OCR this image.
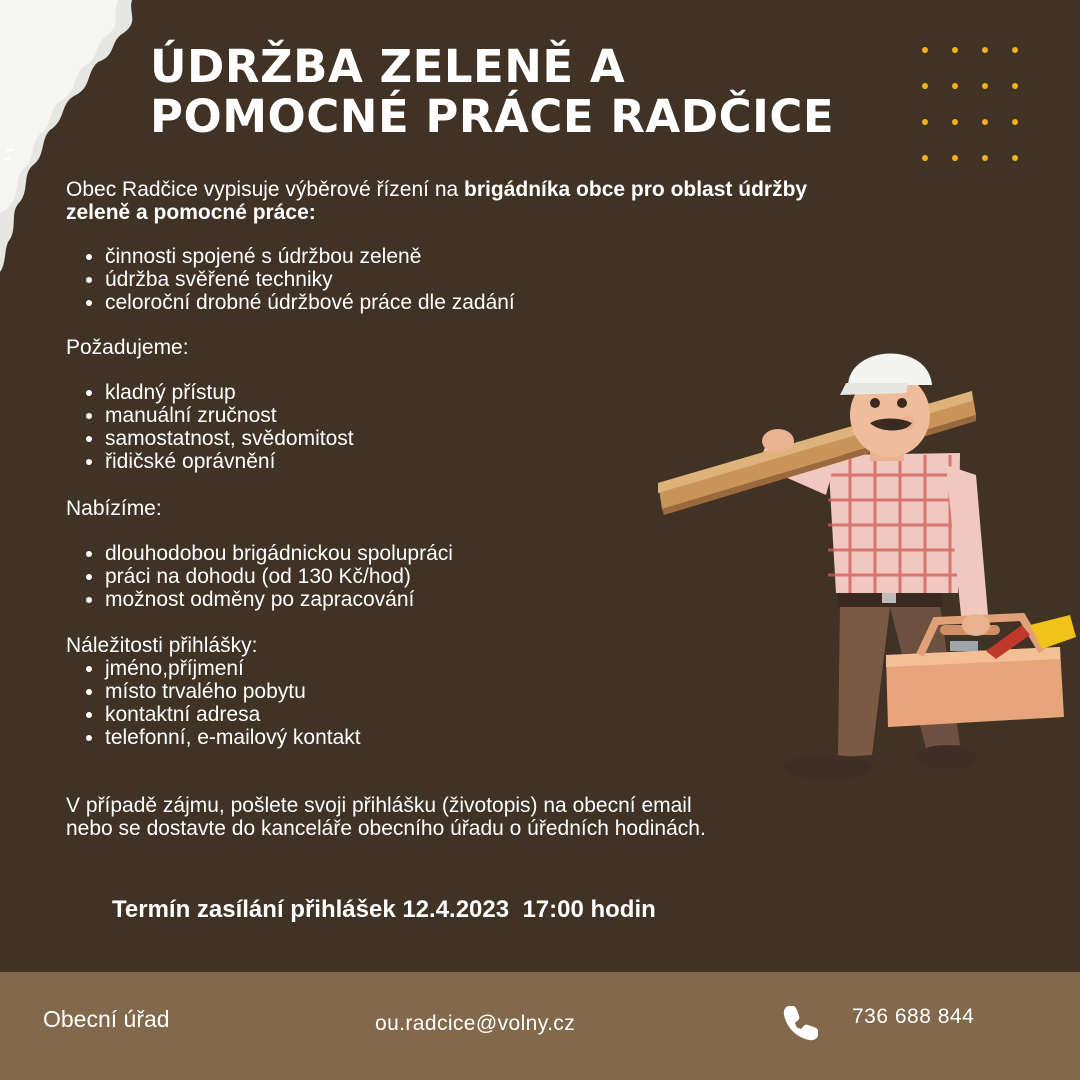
ÚDRŽBA ZELENĚ A
POMOCNÉ PRÁCE RADČICE

Obec Radčice vypisuje výběrové řízení na brigádníka obce pro oblast údržby zeleně a pomocné práce:

činnosti spojené s údržbou zeleně
údržba svěřené techniky
celoroční drobné údržbové práce dle zadání

Požadujeme:

kladný přístup
manuální zručnost
samostatnost, svědomitost
řidičské oprávnění

Nabízíme:

dlouhodobou brigádnickou spolupráci
práci na dohodu (od 130 Kč/hod)
možnost odměny po zapracování

Náležitosti přihlášky:

jméno,příjmení
místo trvalého pobytu
kontaktní adresa
telefonní, e-mailový kontakt

V případě zájmu, pošlete svoji přihlášku (životopis) na obecní email
nebo se dostavte do kanceláře obecního úřadu o úředních hodinách.

Termín zasílání přihlášek 12.4.2023  17:00 hodin
Obecní úřad	ou.radcice@volny.cz	736 688 844
